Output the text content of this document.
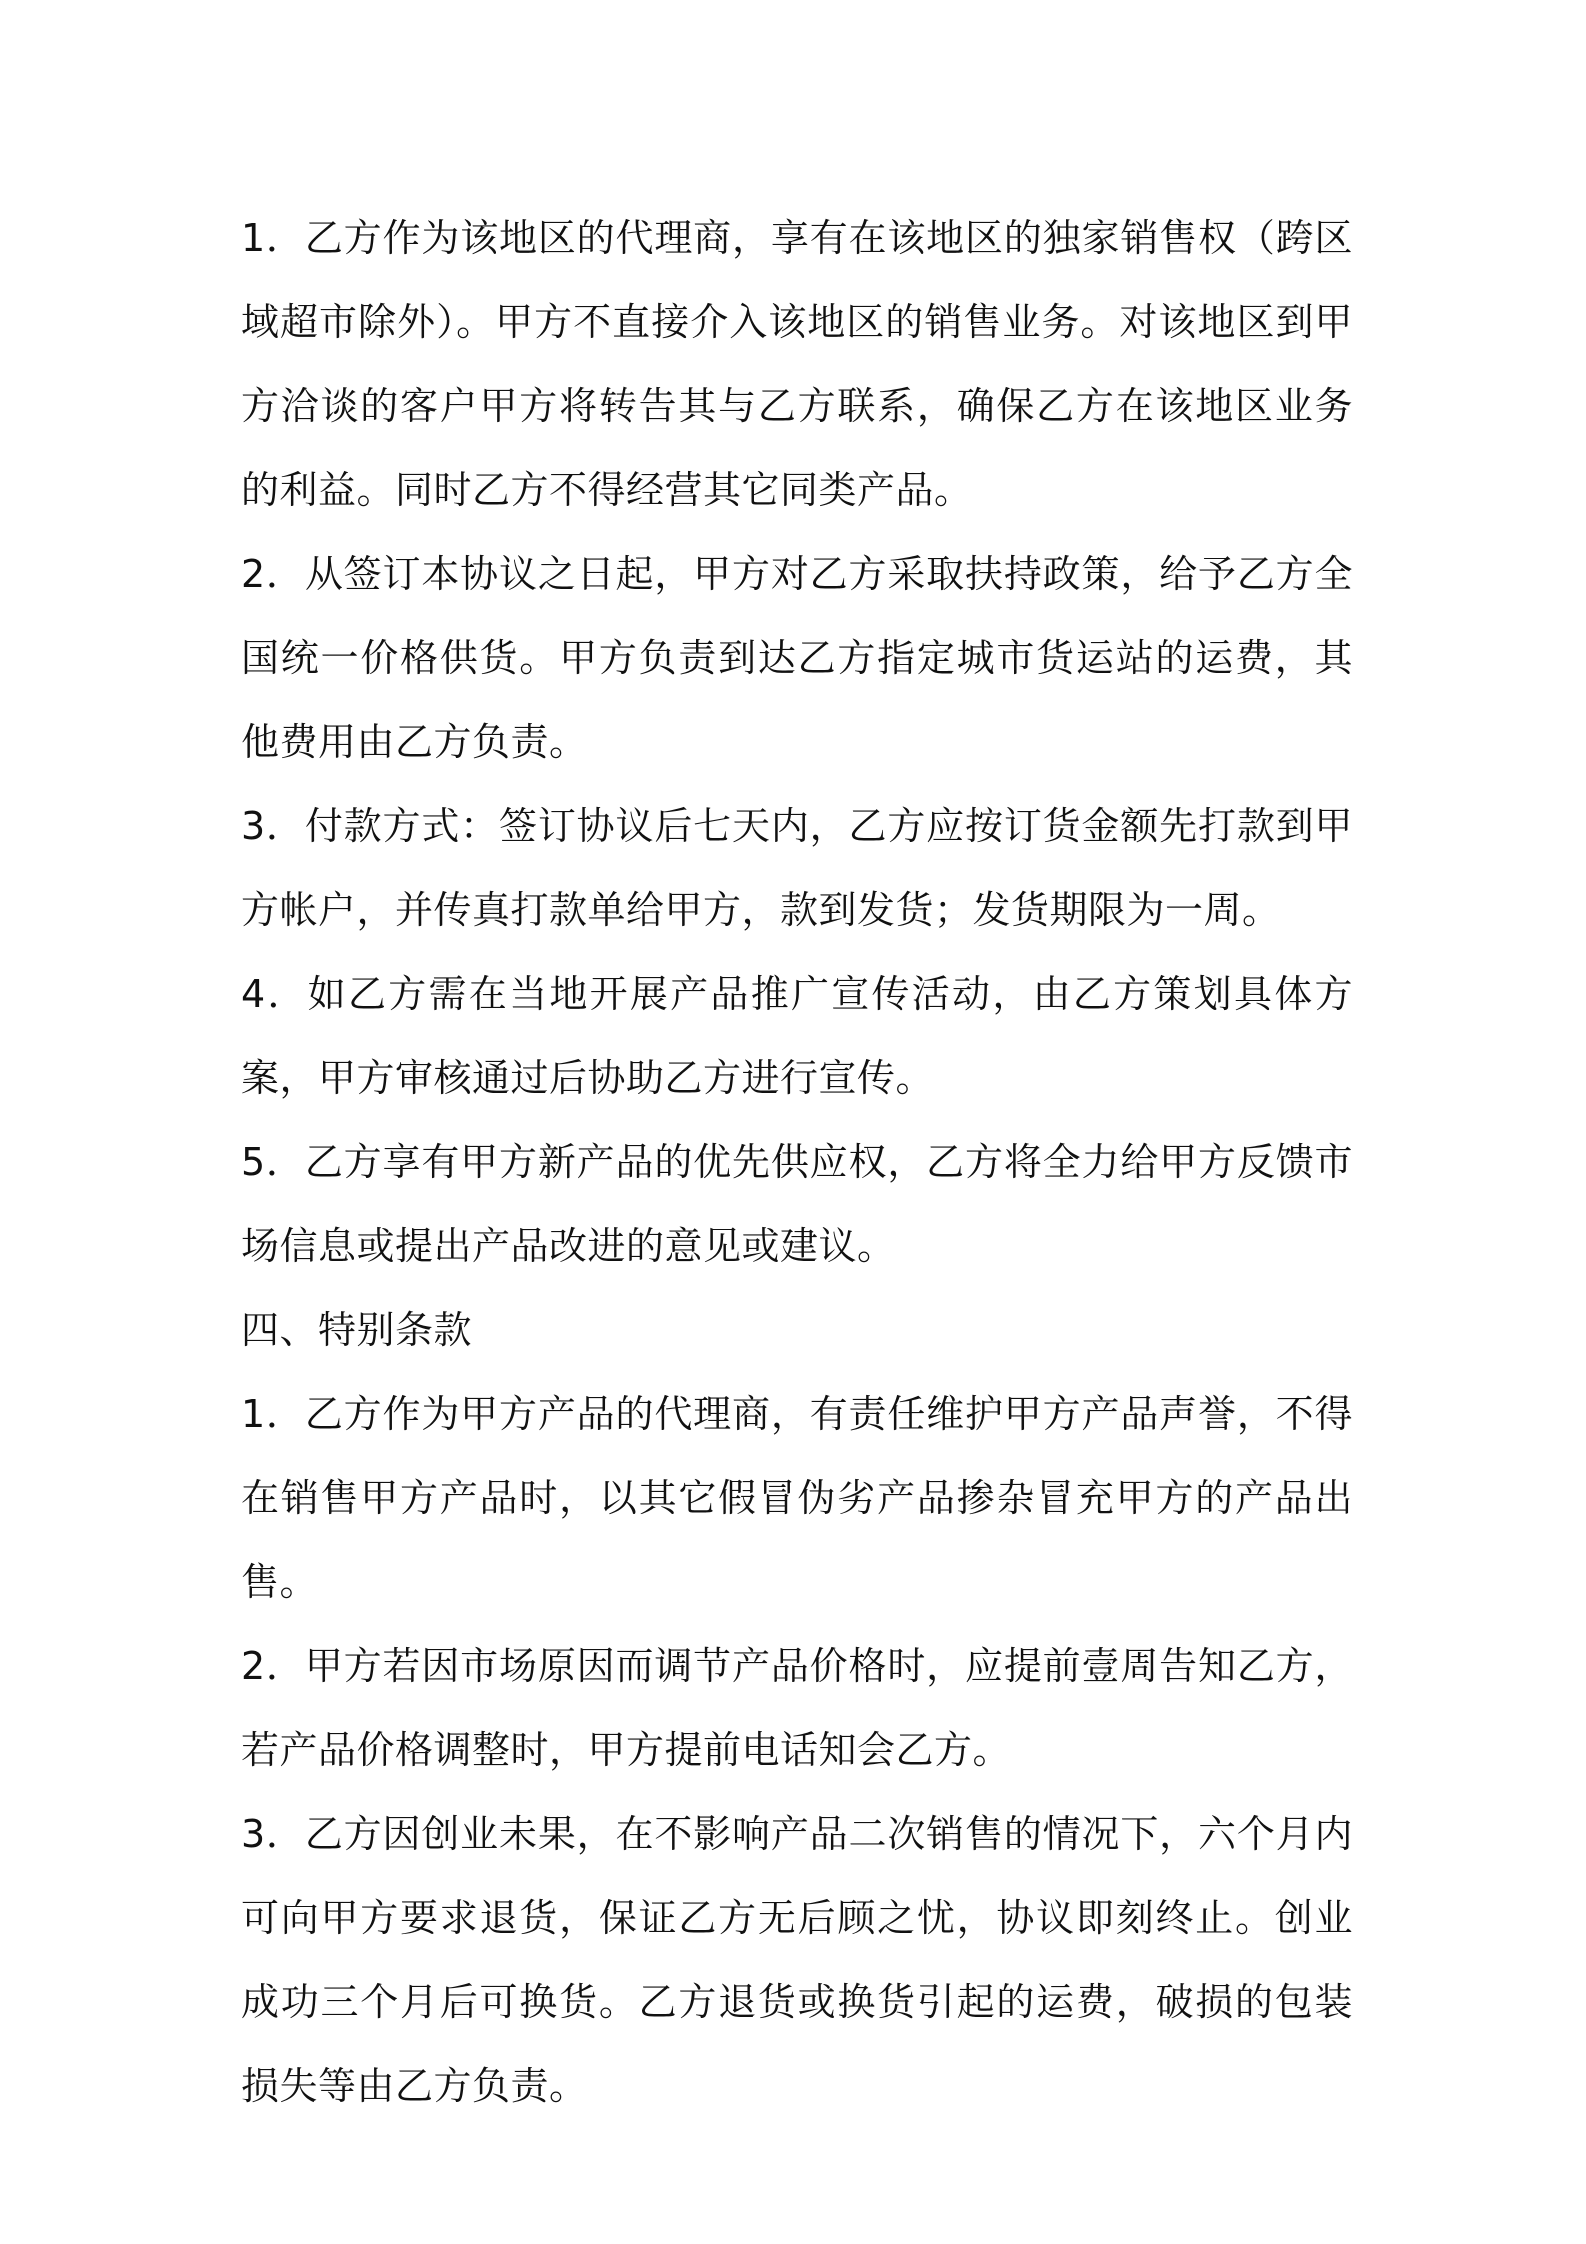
1．乙方作为该地区的代理商，享有在该地区的独家销售权（跨区域超市除外）。甲方不直接介入该地区的销售业务。对该地区到甲方洽谈的客户甲方将转告其与乙方联系，确保乙方在该地区业务的利益。同时乙方不得经营其它同类产品。

2．从签订本协议之日起，甲方对乙方采取扶持政策，给予乙方全国统一价格供货。甲方负责到达乙方指定城市货运站的运费，其他费用由乙方负责。

3．付款方式：签订协议后七天内，乙方应按订货金额先打款到甲方帐户，并传真打款单给甲方，款到发货；发货期限为一周。

4．如乙方需在当地开展产品推广宣传活动，由乙方策划具体方案，甲方审核通过后协助乙方进行宣传。

5．乙方享有甲方新产品的优先供应权，乙方将全力给甲方反馈市场信息或提出产品改进的意见或建议。

四、特别条款

1．乙方作为甲方产品的代理商，有责任维护甲方产品声誉，不得在销售甲方产品时，以其它假冒伪劣产品掺杂冒充甲方的产品出售。

2．甲方若因市场原因而调节产品价格时，应提前壹周告知乙方，若产品价格调整时，甲方提前电话知会乙方。

3．乙方因创业未果，在不影响产品二次销售的情况下，六个月内可向甲方要求退货，保证乙方无后顾之忧，协议即刻终止。创业成功三个月后可换货。乙方退货或换货引起的运费，破损的包装损失等由乙方负责。
